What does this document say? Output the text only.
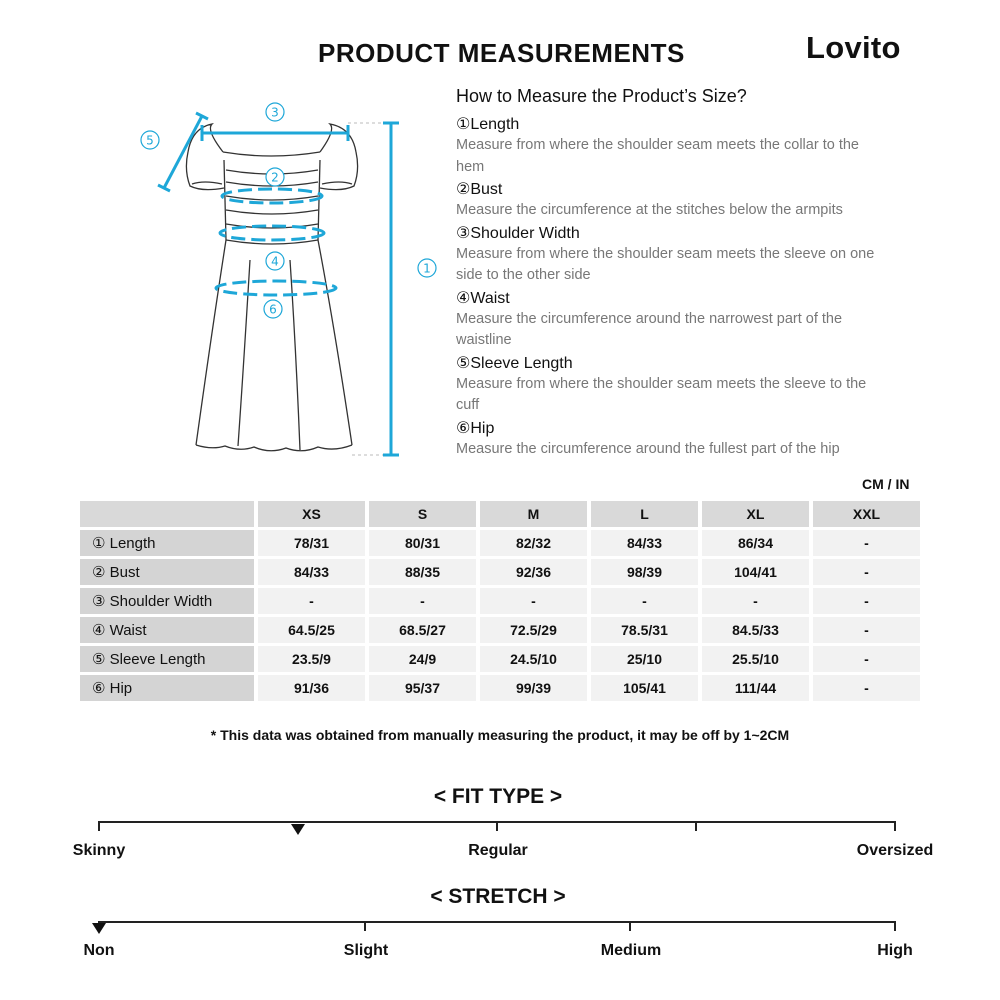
PRODUCT MEASUREMENTS	Lovito
3
5
2
4
6
1
How to Measure the Product’s Size?
①Length
Measure from where the shoulder seam meets the collar to the hem
②Bust
Measure the circumference at the stitches below the armpits
③Shoulder Width
Measure from where the shoulder seam meets the sleeve on one side to the other side
④Waist
Measure the circumference around the narrowest part of the waistline
⑤Sleeve Length
Measure from where the shoulder seam meets the sleeve to the cuff
⑥Hip
Measure the circumference around the fullest part of the hip
CM / IN
	XS	S	M	L	XL	XXL
① Length	78/31	80/31	82/32	84/33	86/34	-
② Bust	84/33	88/35	92/36	98/39	104/41	-
③ Shoulder Width	-	-	-	-	-	-
④ Waist	64.5/25	68.5/27	72.5/29	78.5/31	84.5/33	-
⑤ Sleeve Length	23.5/9	24/9	24.5/10	25/10	25.5/10	-
⑥ Hip	91/36	95/37	99/39	105/41	111/44	-
* This data was obtained from manually measuring the product, it may be off by 1~2CM
< FIT TYPE >
Skinny	Regular	Oversized
< STRETCH >
Non	Slight	Medium	High
